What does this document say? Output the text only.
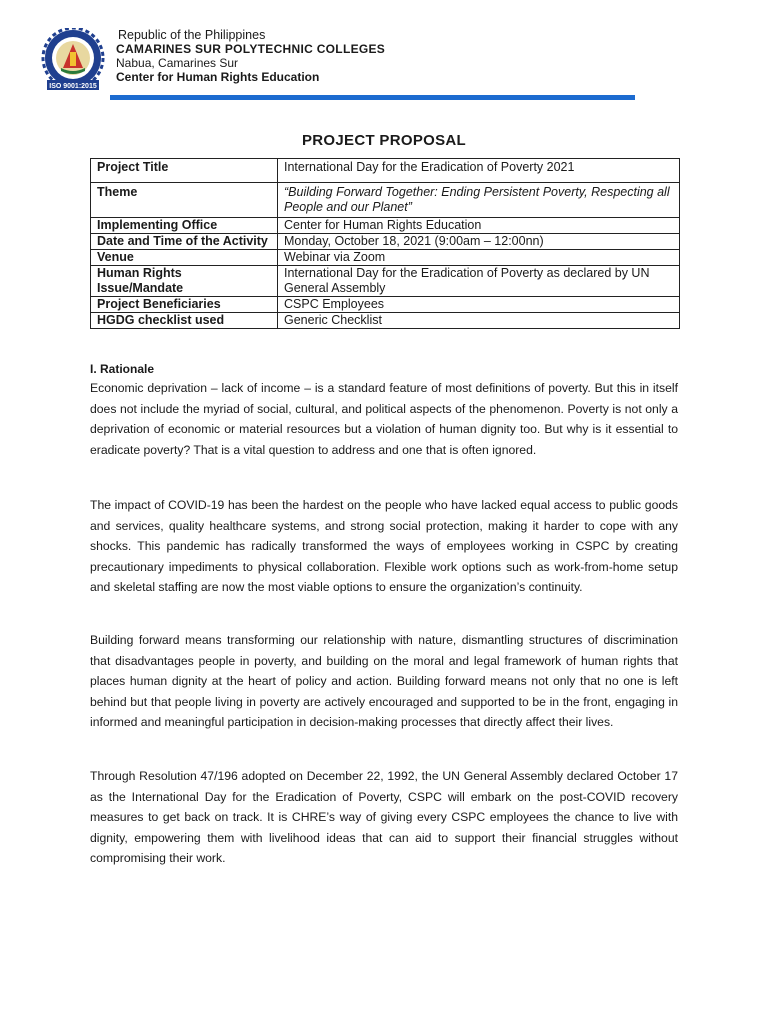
ISO 9001:2015
Republic of the Philippines
CAMARINES SUR POLYTECHNIC COLLEGES
Nabua, Camarines Sur
Center for Human Rights Education
PROJECT PROPOSAL
Project Title	International Day for the Eradication of Poverty 2021
Theme	“Building Forward Together: Ending Persistent Poverty, Respecting all People and our Planet”
Implementing Office	Center for Human Rights Education
Date and Time of the Activity	Monday, October 18, 2021 (9:00am – 12:00nn)
Venue	Webinar via Zoom
Human Rights Issue/Mandate	International Day for the Eradication of Poverty as declared by UN General Assembly
Project Beneficiaries	CSPC Employees
HGDG checklist used	Generic Checklist
I. Rationale

Economic deprivation – lack of income – is a standard feature of most definitions of poverty. But this in itself does not include the myriad of social, cultural, and political aspects of the phenomenon. Poverty is not only a deprivation of economic or material resources but a violation of human dignity too. But why is it essential to eradicate poverty? That is a vital question to address and one that is often ignored.

The impact of COVID-19 has been the hardest on the people who have lacked equal access to public goods and services, quality healthcare systems, and strong social protection, making it harder to cope with any shocks. This pandemic has radically transformed the ways of employees working in CSPC by creating precautionary impediments to physical collaboration. Flexible work options such as work-from-home setup and skeletal staffing are now the most viable options to ensure the organization’s continuity.

Building forward means transforming our relationship with nature, dismantling structures of discrimination that disadvantages people in poverty, and building on the moral and legal framework of human rights that places human dignity at the heart of policy and action. Building forward means not only that no one is left behind but that people living in poverty are actively encouraged and supported to be in the front, engaging in informed and meaningful participation in decision-making processes that directly affect their lives.

Through Resolution 47/196 adopted on December 22, 1992, the UN General Assembly declared October 17 as the International Day for the Eradication of Poverty, CSPC will embark on the post-COVID recovery measures to get back on track. It is CHRE’s way of giving every CSPC employees the chance to live with dignity, empowering them with livelihood ideas that can aid to support their financial struggles without compromising their work.
